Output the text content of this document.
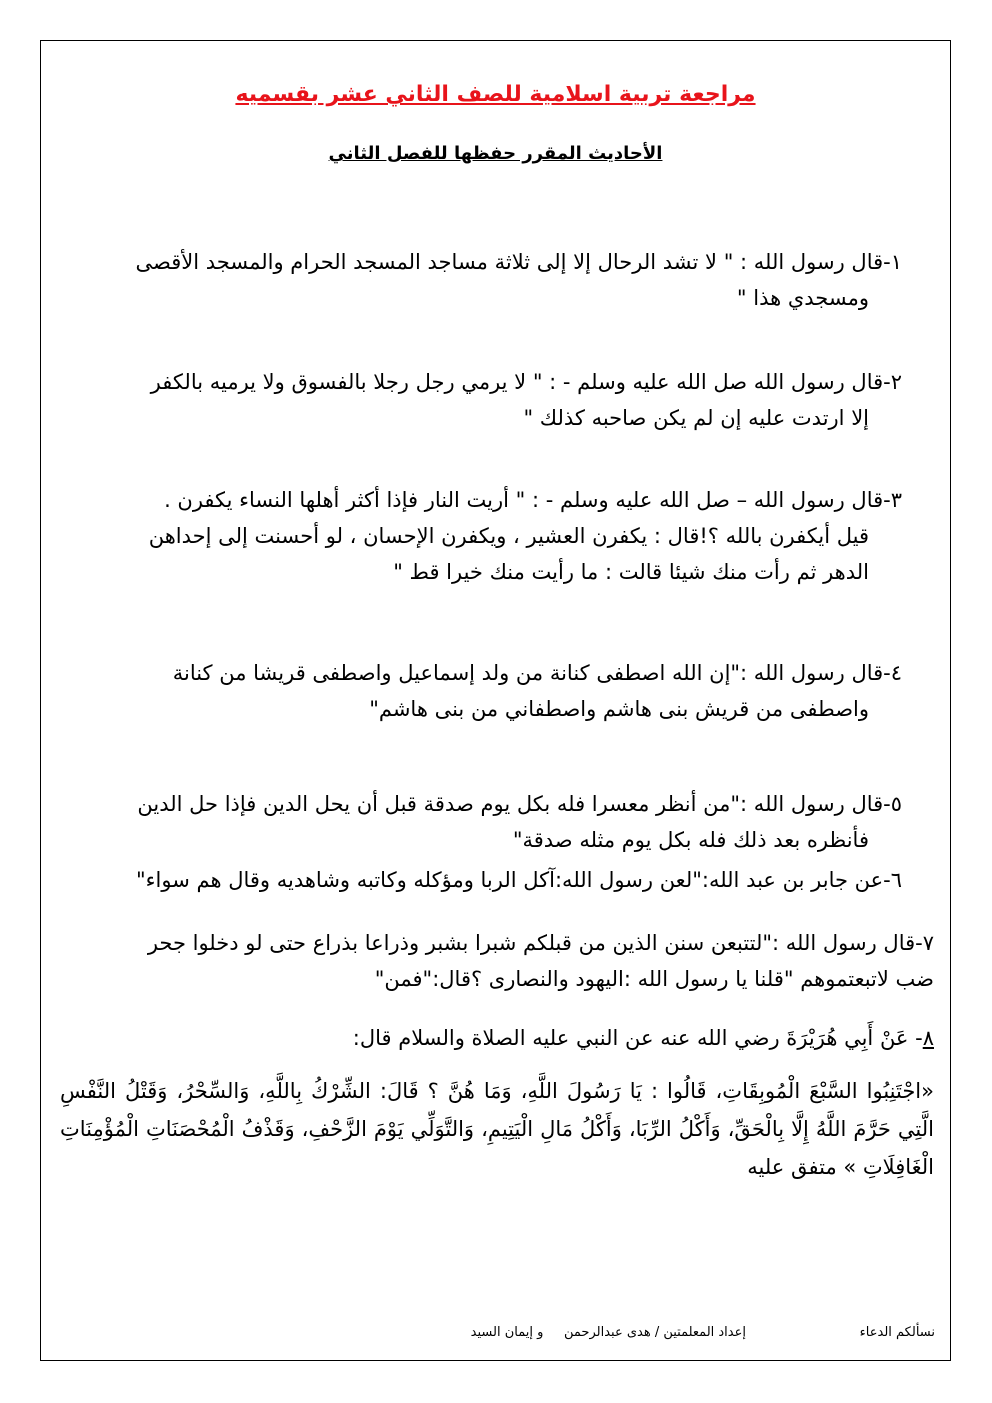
مراجعة تربية اسلامية للصف الثاني عشر بقسميه
الأحاديث المقرر حفظها للفصل الثاني
١-قال رسول الله : " لا تشد الرحال إلا إلى ثلاثة مساجد المسجد الحرام والمسجد الأقصى
ومسجدي هذا "
٢-قال رسول الله صل الله عليه وسلم - : " لا يرمي رجل رجلا بالفسوق ولا يرميه بالكفر
إلا ارتدت عليه إن لم يكن صاحبه كذلك "
٣-قال رسول الله – صل الله عليه وسلم - : " أريت النار فإذا أكثر أهلها النساء يكفرن .
قيل أيكفرن بالله ؟!قال : يكفرن العشير ، ويكفرن الإحسان ، لو أحسنت إلى إحداهن
الدهر ثم رأت منك شيئا قالت : ما رأيت منك خيرا قط "
٤-قال رسول الله :"إن الله اصطفى كنانة من ولد إسماعيل واصطفى قريشا من كنانة
واصطفى من قريش بنى هاشم واصطفاني من بنى هاشم"
٥-قال رسول الله :"من أنظر معسرا فله بكل يوم صدقة قبل أن يحل الدين فإذا حل الدين
فأنظره بعد ذلك فله بكل يوم مثله صدقة"
٦-عن جابر بن عبد الله:"لعن رسول الله:آكل الربا ومؤكله وكاتبه وشاهديه وقال هم سواء"
٧-قال رسول الله :"لتتبعن سنن الذين من قبلكم شبرا بشبر وذراعا بذراع حتى لو دخلوا جحر
ضب لاتبعتموهم "قلنا يا رسول الله :اليهود والنصارى ؟قال:"فمن"
٨- عَنْ أَبِي هُرَيْرَةَ رضي الله عنه عن النبي عليه الصلاة والسلام قال:
«اجْتَنِبُوا السَّبْعَ الْمُوبِقَاتِ، قَالُوا : يَا رَسُولَ اللَّهِ، وَمَا هُنَّ ؟ قَالَ: الشِّرْكُ بِاللَّهِ، وَالسِّحْرُ، وَقَتْلُ النَّفْسِ الَّتِي حَرَّمَ اللَّهُ إِلَّا بِالْحَقِّ، وَأَكْلُ الرِّبَا، وَأَكْلُ مَالِ الْيَتِيمِ، وَالتَّوَلِّي يَوْمَ الزَّحْفِ، وَقَذْفُ الْمُحْصَنَاتِ الْمُؤْمِنَاتِ الْغَافِلَاتِ » متفق عليه
نسألكم الدعاء
إعداد المعلمتين / هدى عبدالرحمن     و إيمان السيد
